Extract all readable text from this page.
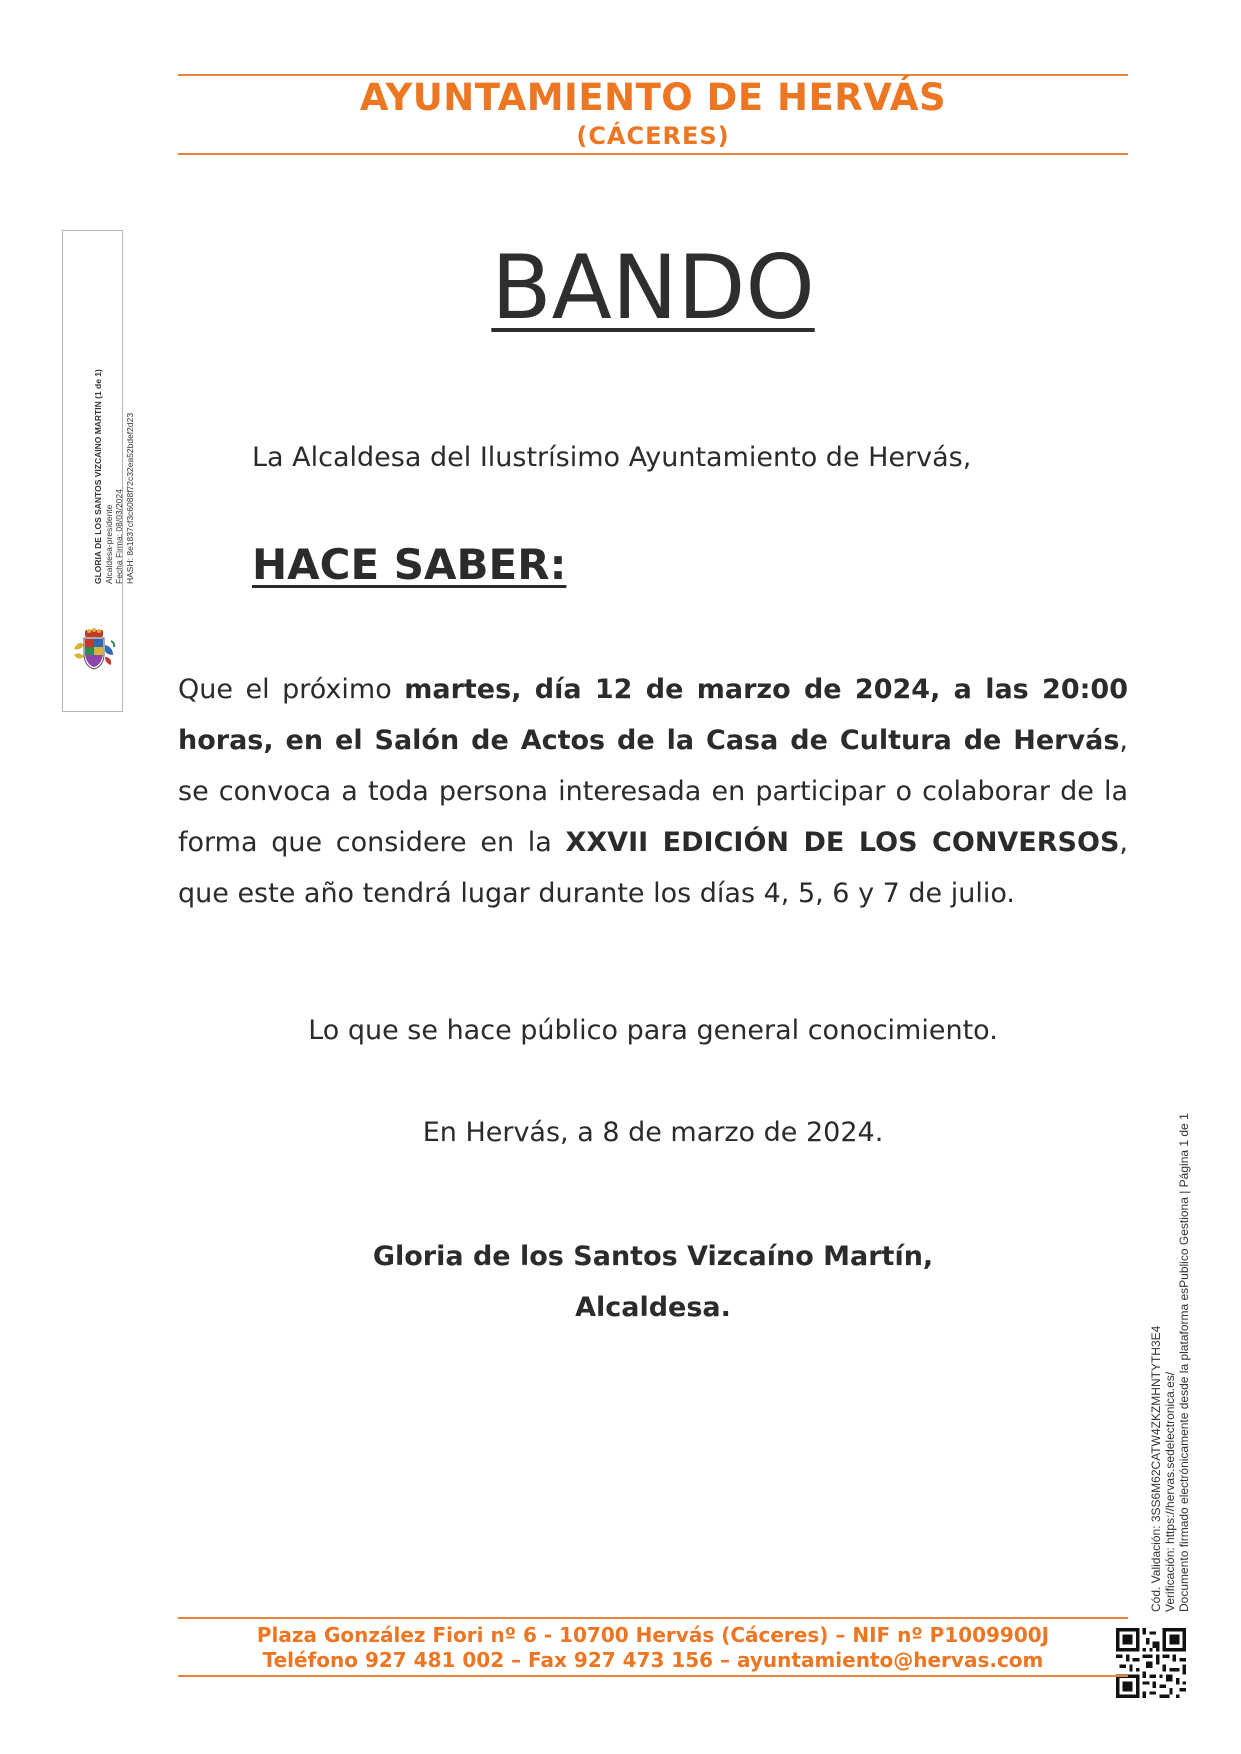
AYUNTAMIENTO DE HERVÁS
(CÁCERES)
GLORIA DE LOS SANTOS VIZCAINO MARTIN (1 de 1) Alcaldesa-presidente Fecha Firma: 08/03/2024 HASH: 8e1837cf3c6088f72c32ea52bdef2d23
BANDO
La Alcaldesa del Ilustrísimo Ayuntamiento de Hervás,
HACE SABER:
Que el próximo martes, día 12 de marzo de 2024, a las 20:00 horas, en el Salón de Actos de la Casa de Cultura de Hervás, se convoca a toda persona interesada en participar o colaborar de la forma que considere en la XXVII EDICIÓN DE LOS CONVERSOS, que este año tendrá lugar durante los días 4, 5, 6 y 7 de julio.
Lo que se hace público para general conocimiento.
En Hervás, a 8 de marzo de 2024.
Gloria de los Santos Vizcaíno Martín,
Alcaldesa.
Cód. Validación: 3SS6M62CATW4ZKZMHNTYTH3E4 Verificación: https://hervas.sedelectronica.es/ Documento firmado electrónicamente desde la plataforma esPublico Gestiona | Página 1 de 1
Plaza González Fiori nº 6 - 10700 Hervás (Cáceres) – NIF nº P1009900J
Teléfono 927 481 002 – Fax 927 473 156 – ayuntamiento@hervas.com
